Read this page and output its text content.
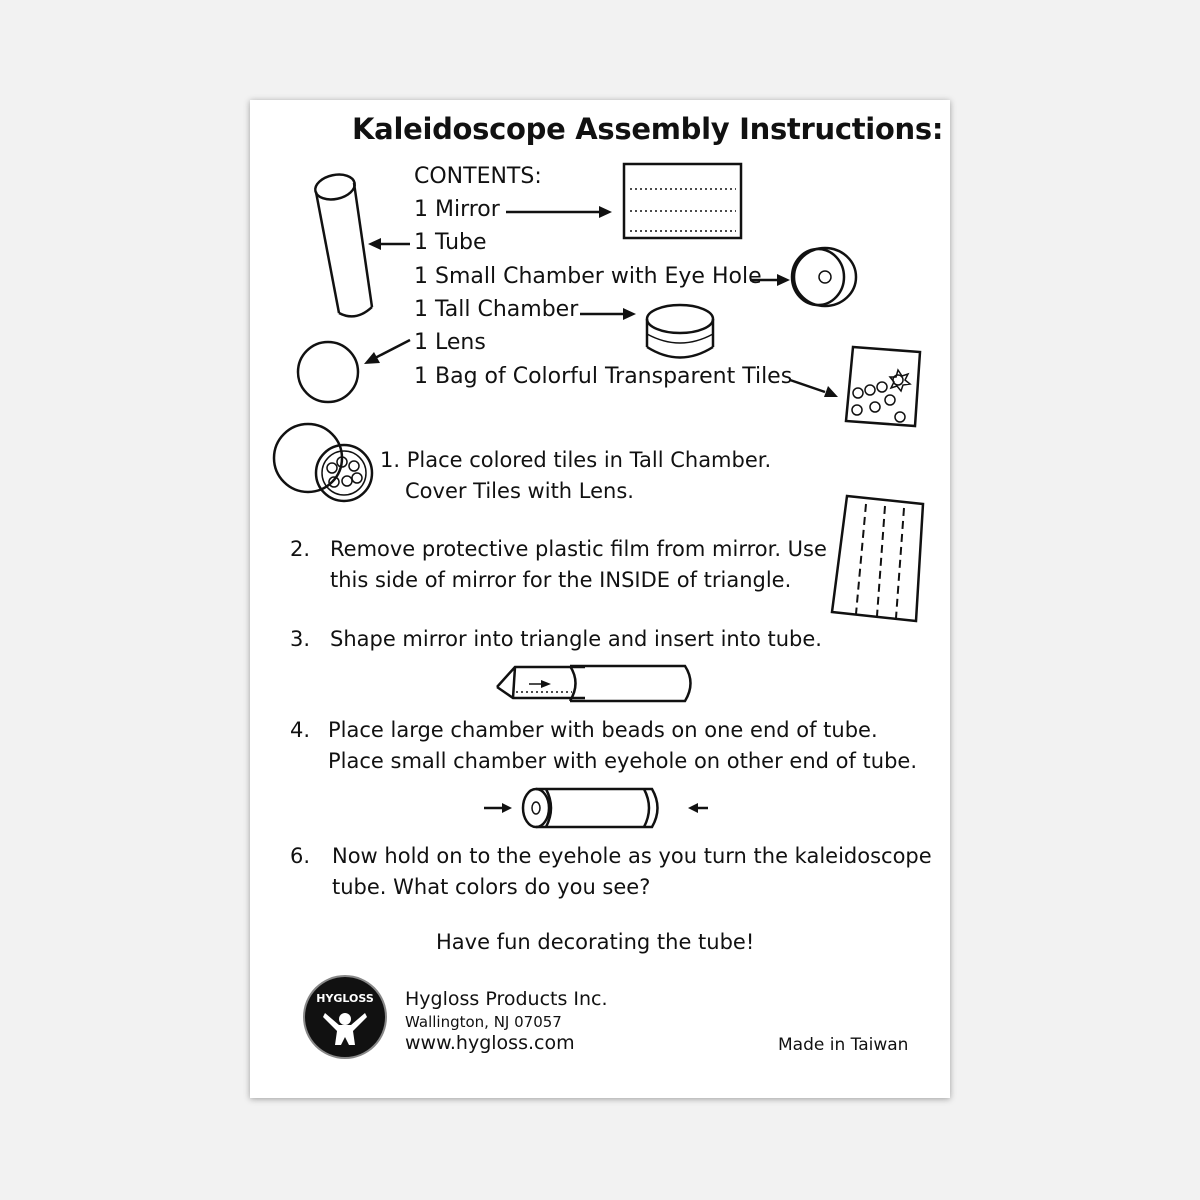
Kaleidoscope Assembly Instructions:

CONTENTS:

1 Mirror

1 Tube

1 Small Chamber with Eye Hole

1 Tall Chamber

1 Lens

1 Bag of Colorful Transparent Tiles

1. Place colored tiles in Tall Chamber.

Cover Tiles with Lens.

2. Remove protective plastic film from mirror. Use

this side of mirror for the INSIDE of triangle.

3. Shape mirror into triangle and insert into tube.

4. Place large chamber with beads on one end of tube.

Place small chamber with eyehole on other end of tube.

6. Now hold on to the eyehole as you turn the kaleidoscope

tube. What colors do you see?

Have fun decorating the tube!

HYGLOSS	Hygloss Products Inc.

Wallington, NJ 07057

www.hygloss.com	Made in Taiwan
